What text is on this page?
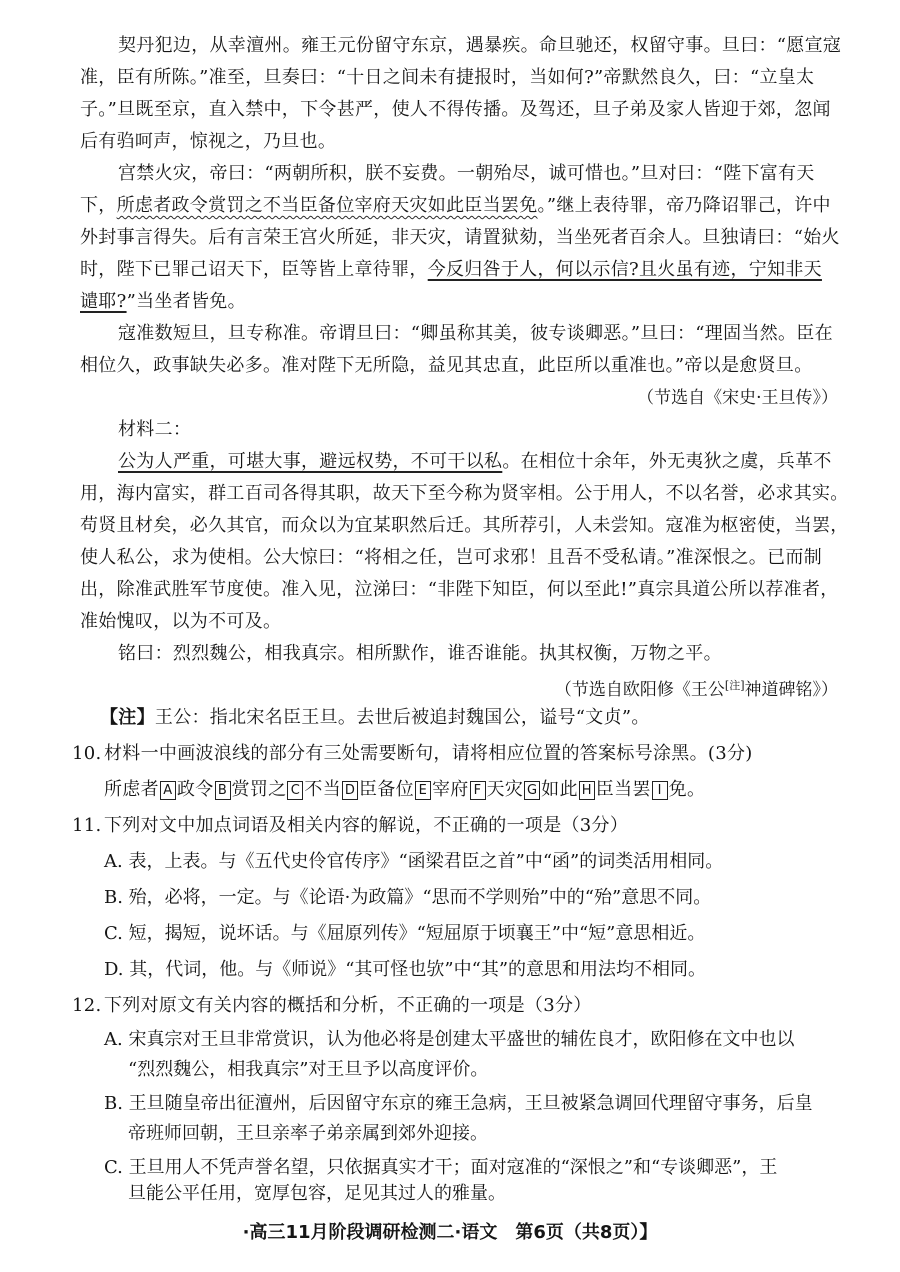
契丹犯边，从幸澶州。雍王元份留守东京，遇暴疾。命旦驰还，权留守事。旦曰：“愿宣寇
准，臣有所陈。”准至，旦奏曰：“十日之间未有捷报时，当如何?”帝默然良久，曰：“立皇太
子。”旦既至京，直入禁中，下令甚严，使人不得传播。及驾还，旦子弟及家人皆迎于郊，忽闻
后有驺呵声，惊视之，乃旦也。
宫禁火灾，帝曰：“两朝所积，朕不妄费。一朝殆尽，诚可惜也。”旦对曰：“陛下富有天
下，所虑者政令赏罚之不当臣备位宰府天灾如此臣当罢免。”继上表待罪，帝乃降诏罪己，许中
外封事言得失。后有言荣王宫火所延，非天灾，请置狱劾，当坐死者百余人。旦独请曰：“始火
时，陛下已罪己诏天下，臣等皆上章待罪，今反归咎于人，何以示信?且火虽有迹，宁知非天
谴耶?”当坐者皆免。
寇准数短旦，旦专称准。帝谓旦曰：“卿虽称其美，彼专谈卿恶。”旦曰：“理固当然。臣在
相位久，政事缺失必多。准对陛下无所隐，益见其忠直，此臣所以重准也。”帝以是愈贤旦。
（节选自《宋史·王旦传》）
材料二：
公为人严重，可堪大事，避远权势，不可干以私。在相位十余年，外无夷狄之虞，兵革不
用，海内富实，群工百司各得其职，故天下至今称为贤宰相。公于用人，不以名誉，必求其实。
苟贤且材矣，必久其官，而众以为宜某职然后迁。其所荐引，人未尝知。寇准为枢密使，当罢，
使人私公，求为使相。公大惊曰：“将相之任，岂可求邪！且吾不受私请。”准深恨之。已而制
出，除准武胜军节度使。准入见，泣涕曰：“非陛下知臣，何以至此!”真宗具道公所以荐准者，
准始愧叹，以为不可及。
铭曰：烈烈魏公，相我真宗。相所默作，谁否谁能。执其权衡，万物之平。
（节选自欧阳修《王公[注]神道碑铭》）
【注】王公：指北宋名臣王旦。去世后被追封魏国公，谥号“文贞”。
10. 材料一中画波浪线的部分有三处需要断句，请将相应位置的答案标号涂黑。(3分)
所虑者 A 政令 B 赏罚之 C 不当 D 臣备位 E 宰府 F 天灾 G 如此 H 臣当罢 I 免。
11. 下列对文中加点词语及相关内容的解说，不正确的一项是（3分）
A. 表，上表。与《五代史伶官传序》“函梁君臣之首”中“函”的词类活用相同。
B. 殆，必将，一定。与《论语·为政篇》“思而不学则殆”中的“殆”意思不同。
C. 短，揭短，说坏话。与《屈原列传》“短屈原于顷襄王”中“短”意思相近。
D. 其，代词，他。与《师说》“其可怪也欤”中“其”的意思和用法均不相同。
12. 下列对原文有关内容的概括和分析，不正确的一项是（3分）
A. 宋真宗对王旦非常赏识，认为他必将是创建太平盛世的辅佐良才，欧阳修在文中也以
“烈烈魏公，相我真宗”对王旦予以高度评价。
B. 王旦随皇帝出征澶州，后因留守东京的雍王急病，王旦被紧急调回代理留守事务，后皇
帝班师回朝，王旦亲率子弟亲属到郊外迎接。
C. 王旦用人不凭声誉名望，只依据真实才干；面对寇准的“深恨之”和“专谈卿恶”，王
旦能公平任用，宽厚包容，足见其过人的雅量。
·高三11月阶段调研检测二·语文　第6页（共8页）】
